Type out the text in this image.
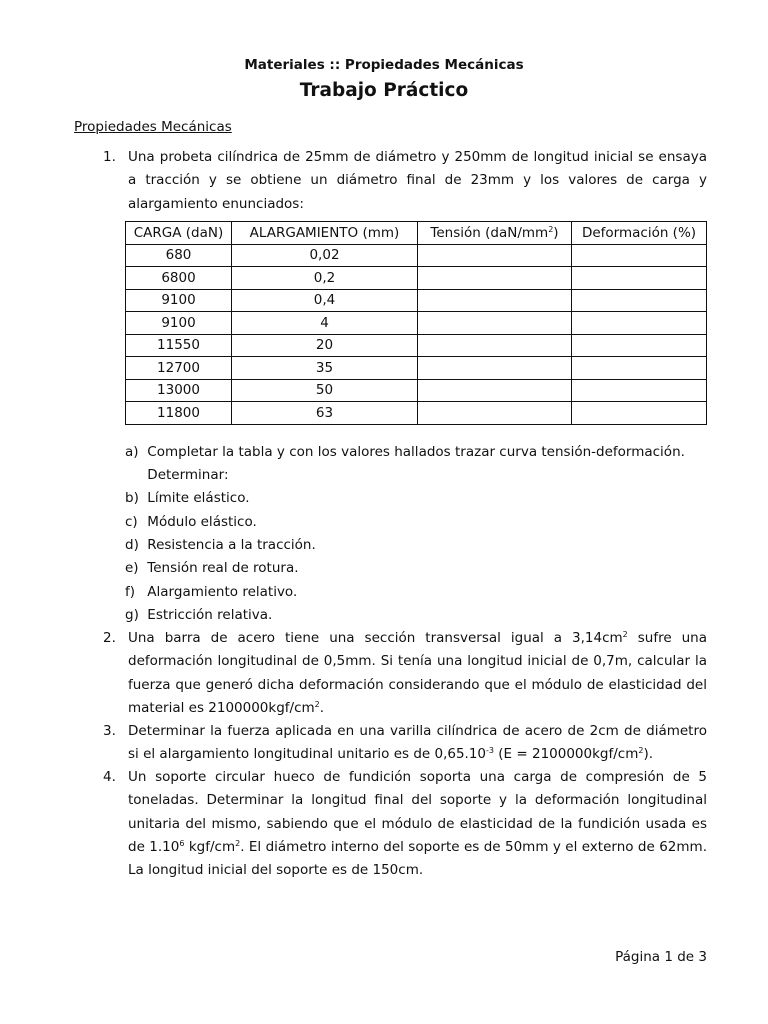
Materiales :: Propiedades Mecánicas
Trabajo Práctico
Propiedades Mecánicas
1. Una probeta cilíndrica de 25mm de diámetro y 250mm de longitud inicial se ensaya a tracción y se obtiene un diámetro final de 23mm y los valores de carga y alargamiento enunciados:
CARGA (daN)	ALARGAMIENTO (mm)	Tensión $(daN/mm^2)$	Deformación (%)
680	0,02		
6800	0,2		
9100	0,4		
9100	4		
11550	20		
12700	35		
13000	50		
11800	63		
a) Completar la tabla y con los valores hallados trazar curva tensión-deformación.
Determinar:
b) Límite elástico.
c) Módulo elástico.
d) Resistencia a la tracción.
e) Tensión real de rotura.
f) Alargamiento relativo.
g) Estricción relativa.
2. Una barra de acero tiene una sección transversal igual a $3,14cm^2$ sufre una deformación longitudinal de 0,5mm. Si tenía una longitud inicial de 0,7m, calcular la fuerza que generó dicha deformación considerando que el módulo de elasticidad del material es $2100000kgf/cm^2$.
3. Determinar la fuerza aplicada en una varilla cilíndrica de acero de 2cm de diámetro si el alargamiento longitudinal unitario es de $0,65.10^{-3}$ $(E = 2100000kgf/cm^2)$.
4. Un soporte circular hueco de fundición soporta una carga de compresión de 5 toneladas. Determinar la longitud final del soporte y la deformación longitudinal unitaria del mismo, sabiendo que el módulo de elasticidad de la fundición usada es de 1.10$^6$ kgf/$cm^2$. El diámetro interno del soporte es de 50mm y el externo de 62mm. La longitud inicial del soporte es de 150cm.
Página 1 de 3
